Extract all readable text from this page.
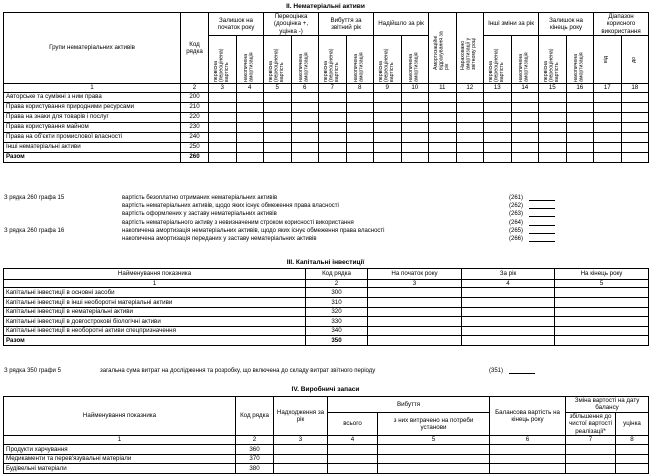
II. Нематеріальні активи
Групи нематеріальних активів	Код рядка	Залишок на початок року		Переоцінка (дооцінка +, уцінка -)		Вибуття за звітний рік		Надійшло за рік		Амортизаційні відрахування за рік	Нараховано амортизації у звітному році	Інші зміни за рік		Залишок на кінець року		Діапазон корисного використання	

		первісна (переоцінена) вартість	накопичена амортизація	первісна (переоцінена) вартість	накопичена амортизація	первісна (переоцінена) вартість	накопичена амортизація	первісна (переоцінена) вартість	накопичена амортизація			первісна (переоцінена) вартість	накопичена амортизація	первісна (переоцінена) вартість	накопичена амортизація	від	до

1	2	3	4	5	6	7	8	9	10	11	12	13	14	15	16	17	18
Авторське та суміжні з ним права	200																
Права користування природними ресурсами	210																
Права на знаки для товарів і послуг	220																
Права користування майном	230																
Права на об'єкти промислової власності	240																
Інші нематеріальні активи	250																
Разом	260																
З рядка 260 графа 15	вартість безоплатно отриманих нематеріальних активів	(261)
вартість нематеріальних активів, щодо яких існує обмеження права власності	(262)
вартість оформлених у заставу нематеріальних активів	(263)
вартість нематеріального активу з невизначеним строком корисності використання	(264)
З рядка 260 графа 16	накопичена амортизація нематеріальних активів, щодо яких існує обмеження права власності	(265)
накопичена амортизація переданих у заставу нематеріальних активів	(266)
III. Капітальні інвестиції
Найменування показника	Код рядка	На початок року	За рік	На кінець року
1	2	3	4	5
Капітальні інвестиції в основні засоби	300			
Капітальні інвестиції в інші необоротні матеріальні активи	310			
Капітальні інвестиції в нематеріальні активи	320			
Капітальні інвестиції в довгострокові біологічні активи	330			
Капітальні інвестиції в необоротні активи спецпризначення	340			
Разом	350			
З рядка 350 графи 5	загальна сума витрат на дослідження та розробку, що включена до складу витрат звітного періоду	(351)
IV. Виробничі запаси
Найменування показника	Код рядка	Надходження за рік	Вибуття		Балансова вартість на кінець року	Зміна вартості на дату балансу	
			всього	з них витрачено на потреби установи		збільшення до чистої вартості реалізації*	уцінка
1	2	3	4	5	6	7	8
Продукти харчування	360						
Медикаменти та перев'язувальні матеріали	370						
Будівельні матеріали	380						
